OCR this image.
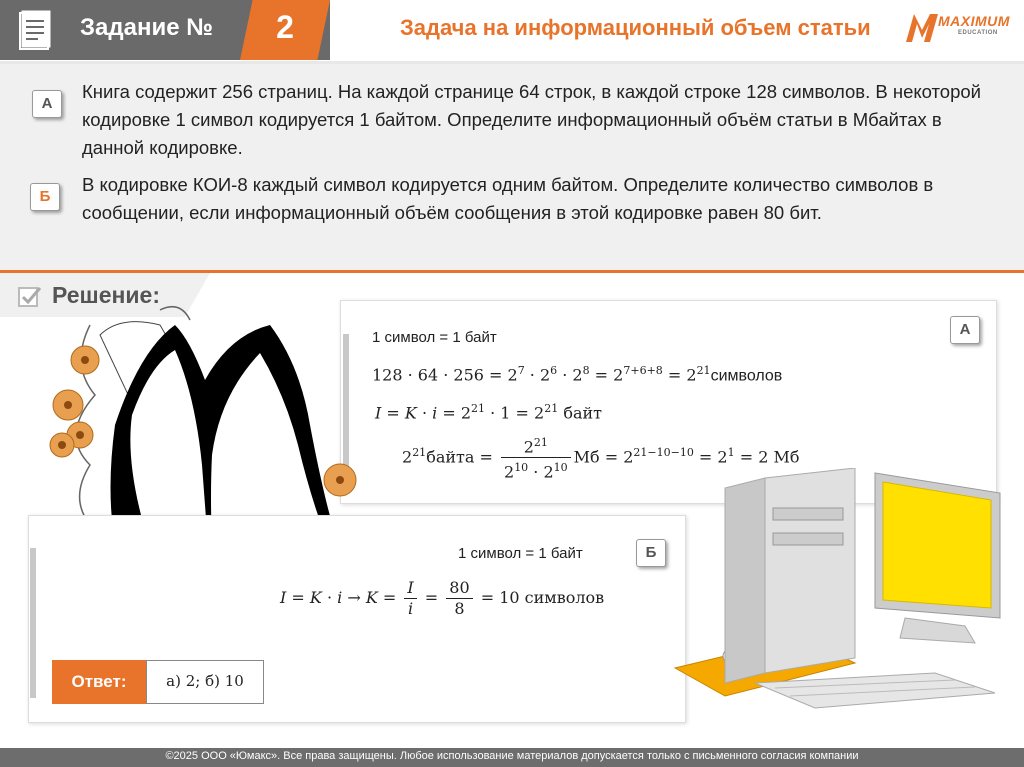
Задание №	2	Задача на информационный объем статьи	MAXIMUM
EDUCATION
А
Книга содержит 256 страниц. На каждой странице 64 строк, в каждой строке 128 символов. В некоторой кодировке 1 символ кодируется 1 байтом. Определите информационный объём статьи в Мбайтах в данной кодировке.
Б
В кодировке КОИ-8 каждый символ кодируется одним байтом. Определите количество символов в сообщении, если информационный объём сообщения в этой кодировке равен 80 бит.
Решение:
А
1 символ = 1 байт
$128 \cdot 64 \cdot 256 = 2^7 \cdot 2^6 \cdot 2^8 = 2^{7+6+8}$ = $2^{21}символов$
$I = K \cdot i = 2^{21} \cdot 1 = 2^{21}$ байт
$2^{21}байта = \frac{2^{21}}{2^{10} \cdot 2^{10}}$ Мб = $2^{21-10-10} = 2^1 = 2$ Мб
Б
1 символ = 1 байт
$I = K \cdot i \to K = \frac{I}{i} = \frac{80}{8} = 10$ символов
Ответ:	а) 2; б) 10
©2025 ООО «Юмакс». Все права защищены. Любое использование материалов допускается только с письменного согласия компании
